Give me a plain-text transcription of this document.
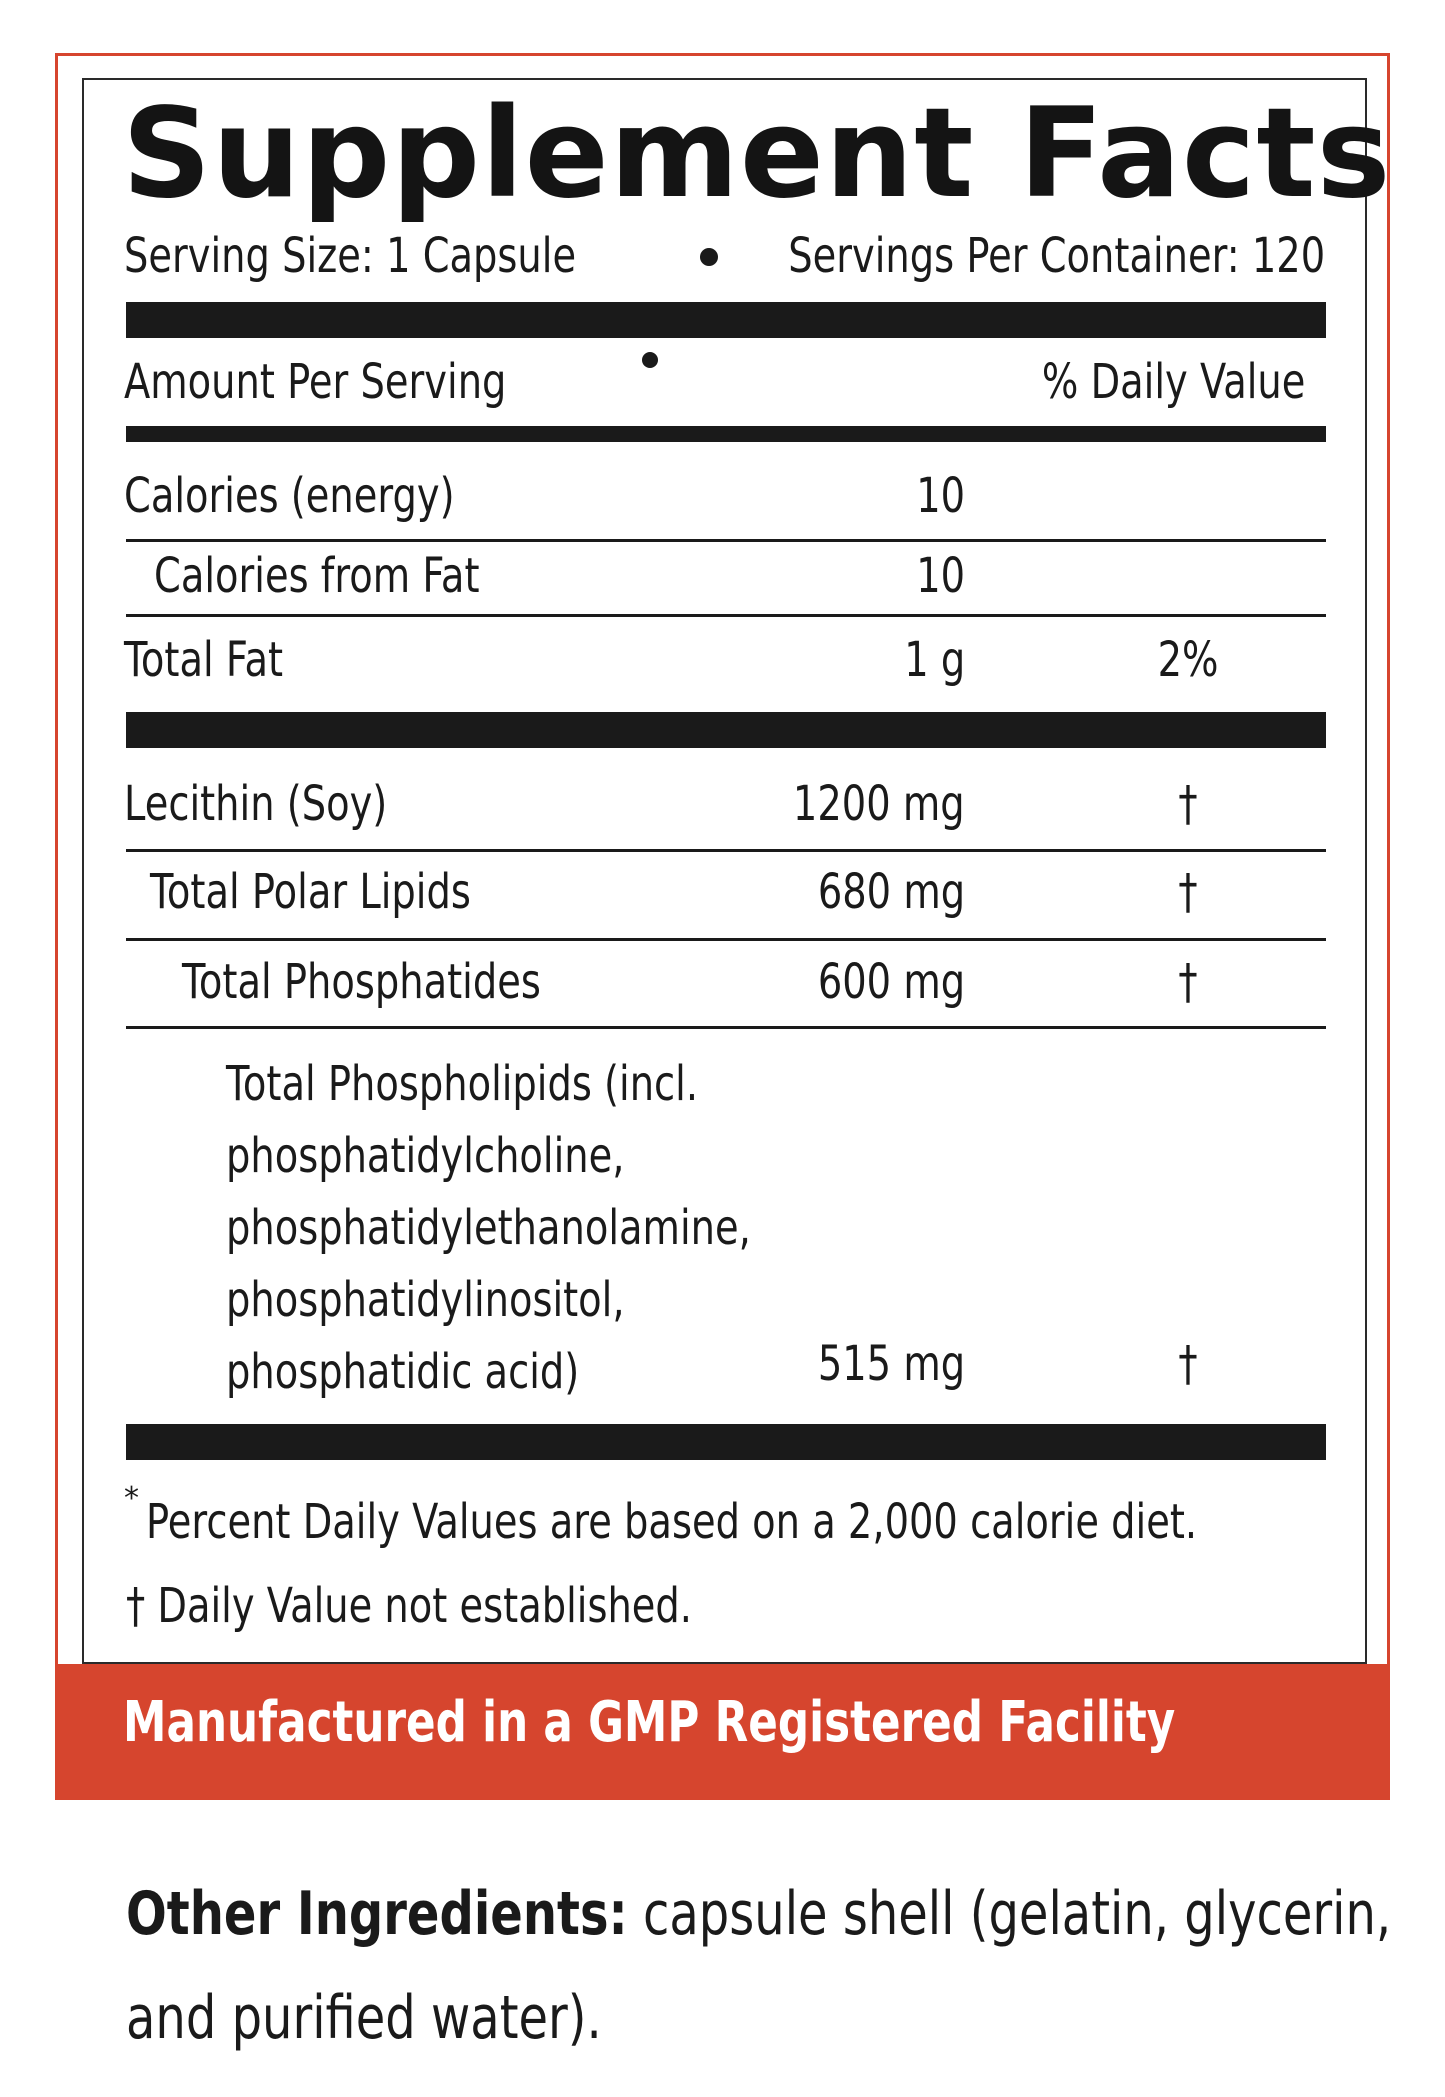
Supplement Facts
Serving Size: 1 Capsule	Servings Per Container: 120
Amount Per Serving	% Daily Value
Calories (energy)	10
Calories from Fat	10
Total Fat	1 g	2%
Lecithin (Soy)	1200 mg	†
Total Polar Lipids	680 mg	†
Total Phosphatides	600 mg	†
Total Phospholipids (incl.
phosphatidylcholine,
phosphatidylethanolamine,
phosphatidylinositol,
phosphatidic acid)	515 mg	†
* Percent Daily Values are based on a 2,000 calorie diet.
† Daily Value not established.
Manufactured in a GMP Registered Facility
Other Ingredients: capsule shell (gelatin, glycerin,
and purified water).
